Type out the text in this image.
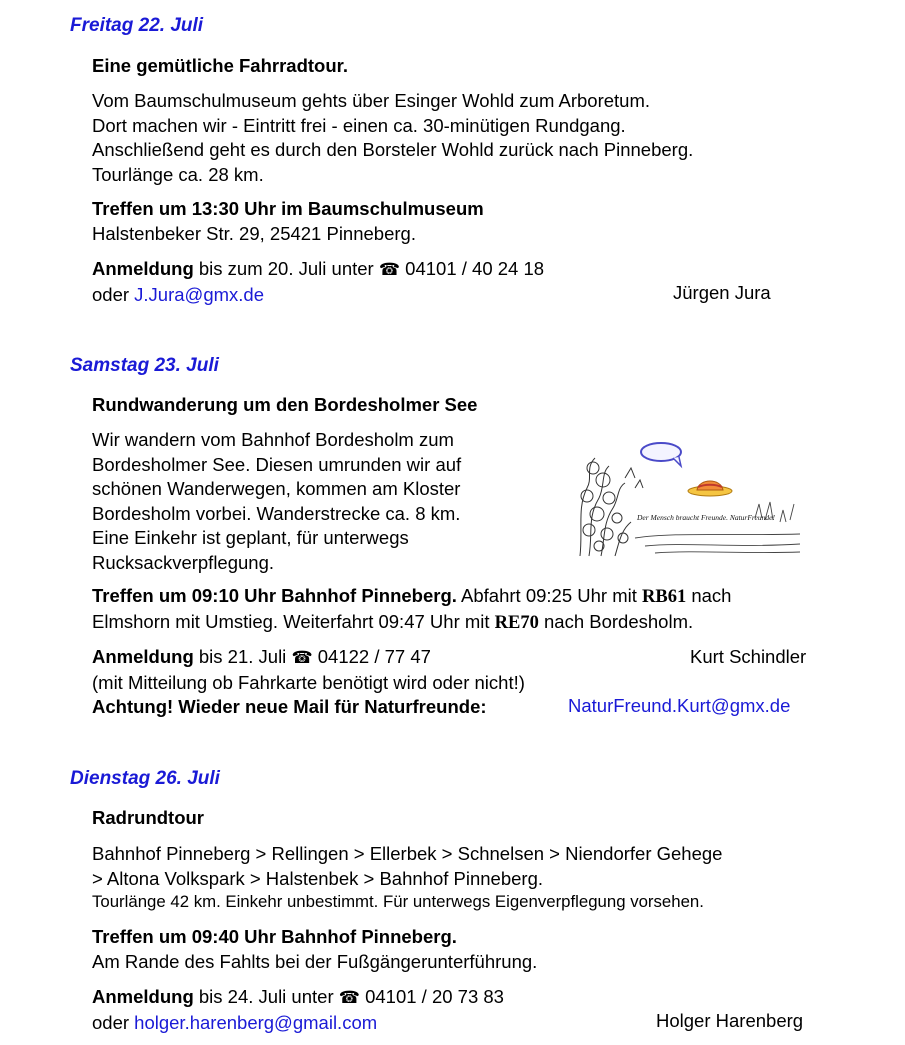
Freitag 22. Juli
Eine gemütliche Fahrradtour.
Vom Baumschulmuseum gehts über Esinger Wohld zum Arboretum.
Dort machen wir - Eintritt frei - einen ca. 30-minütigen Rundgang.
Anschließend geht es durch den Borsteler Wohld zurück nach Pinneberg.
Tourlänge ca. 28 km.
Treffen um 13:30 Uhr im Baumschulmuseum
Halstenbeker Str. 29, 25421 Pinneberg.
Anmeldung bis zum 20. Juli unter ☎ 04101 / 40 24 18
oder J.Jura@gmx.de	Jürgen Jura
Samstag 23. Juli
Rundwanderung um den Bordesholmer See
Wir wandern vom Bahnhof Bordesholm zum
Bordesholmer See. Diesen umrunden wir auf
schönen Wanderwegen, kommen am Kloster
Bordesholm vorbei. Wanderstrecke ca. 8 km.
Eine Einkehr ist geplant, für unterwegs
Rucksackverpflegung.
Der Mensch braucht Freunde. NaturFreunde!
Treffen um 09:10 Uhr Bahnhof Pinneberg. Abfahrt 09:25 Uhr mit RB61 nach
Elmshorn mit Umstieg. Weiterfahrt 09:47 Uhr mit RE70 nach Bordesholm.
Anmeldung bis 21. Juli ☎ 04122 / 77 47
(mit Mitteilung ob Fahrkarte benötigt wird oder nicht!)
Achtung! Wieder neue Mail für Naturfreunde:
Kurt Schindler
NaturFreund.Kurt@gmx.de
Dienstag 26. Juli
Radrundtour
Bahnhof Pinneberg > Rellingen > Ellerbek > Schnelsen > Niendorfer Gehege
> Altona Volkspark > Halstenbek > Bahnhof Pinneberg.
Tourlänge 42 km. Einkehr unbestimmt. Für unterwegs Eigenverpflegung vorsehen.
Treffen um 09:40 Uhr Bahnhof Pinneberg.
Am Rande des Fahlts bei der Fußgängerunterführung.
Anmeldung bis 24. Juli unter ☎ 04101 / 20 73 83
oder holger.harenberg@gmail.com	Holger Harenberg
